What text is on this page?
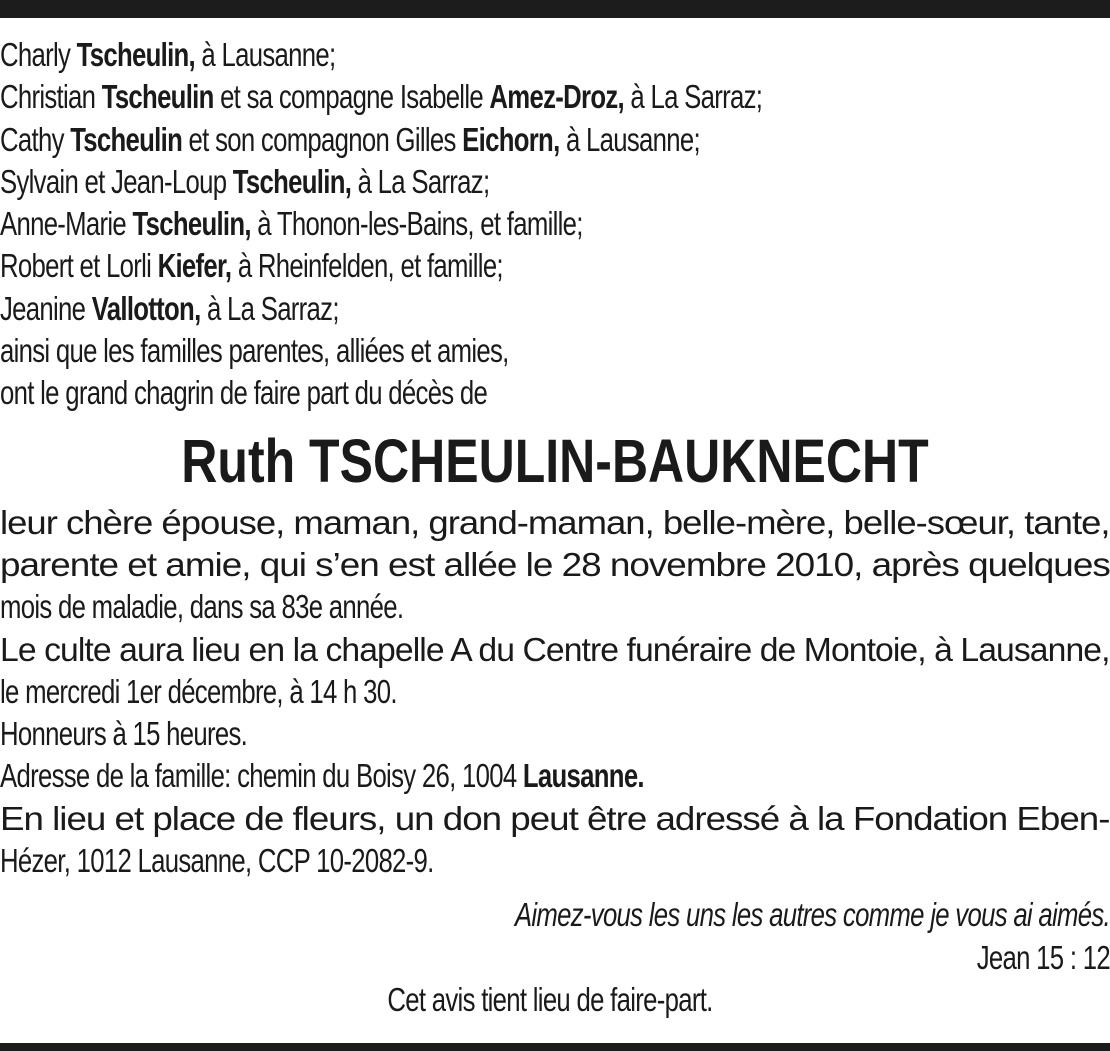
Charly Tscheulin, à Lausanne;
Christian Tscheulin et sa compagne Isabelle Amez-Droz, à La Sarraz;
Cathy Tscheulin et son compagnon Gilles Eichorn, à Lausanne;
Sylvain et Jean-Loup Tscheulin, à La Sarraz;
Anne-Marie Tscheulin, à Thonon-les-Bains, et famille;
Robert et Lorli Kiefer, à Rheinfelden, et famille;
Jeanine Vallotton, à La Sarraz;
ainsi que les familles parentes, alliées et amies,
ont le grand chagrin de faire part du décès de
Ruth TSCHEULIN-BAUKNECHT
leur chère épouse, maman, grand-maman, belle-mère, belle-sœur, tante,
parente et amie, qui s’en est allée le 28 novembre 2010, après quelques
mois de maladie, dans sa 83e année.
Le culte aura lieu en la chapelle A du Centre funéraire de Montoie, à Lausanne,
le mercredi 1er décembre, à 14 h 30.
Honneurs à 15 heures.
Adresse de la famille: chemin du Boisy 26, 1004 Lausanne.
En lieu et place de fleurs, un don peut être adressé à la Fondation Eben-
Hézer, 1012 Lausanne, CCP 10-2082-9.
Aimez-vous les uns les autres comme je vous ai aimés.
Jean 15 : 12
Cet avis tient lieu de faire-part.
